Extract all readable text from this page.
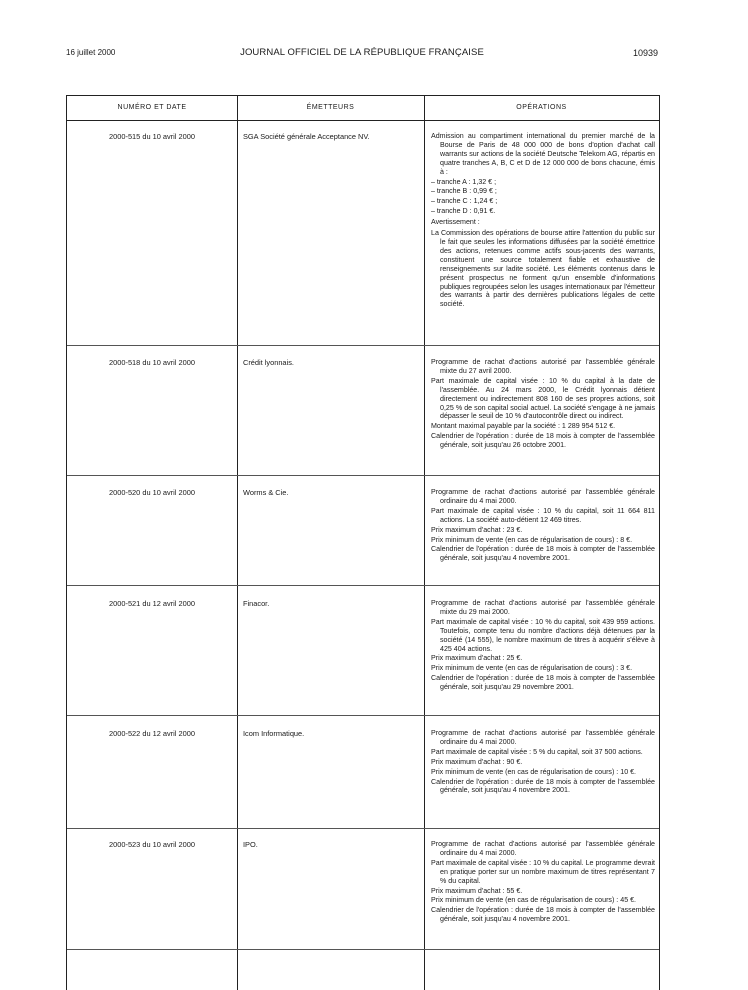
16 juillet 2000	JOURNAL OFFICIEL DE LA RÉPUBLIQUE FRANÇAISE	10939
NUMÉRO ET DATE	ÉMETTEURS	OPÉRATIONS
2000-515 du 10 avril 2000	SGA Société générale Acceptance NV.	Admission au compartiment international du premier marché de la Bourse de Paris de 48 000 000 de bons d'option d'achat call warrants sur actions de la société Deutsche Telekom AG, répartis en quatre tranches A, B, C et D de 12 000 000 de bons chacune, émis à :

– tranche A : 1,32 € ;

– tranche B : 0,99 € ;

– tranche C : 1,24 € ;

– tranche D : 0,91 €.

Avertissement :

La Commission des opérations de bourse attire l'attention du public sur le fait que seules les informations diffusées par la société émettrice des actions, retenues comme actifs sous-jacents des warrants, constituent une source totalement fiable et exhaustive de renseignements sur ladite société. Les éléments contenus dans le présent prospectus ne forment qu'un ensemble d'informations publiques regroupées selon les usages internationaux par l'émetteur des warrants à partir des dernières publications légales de cette société.

2000-518 du 10 avril 2000	Crédit lyonnais.	Programme de rachat d'actions autorisé par l'assemblée générale mixte du 27 avril 2000.

Part maximale de capital visée : 10 % du capital à la date de l'assemblée. Au 24 mars 2000, le Crédit lyonnais détient directement ou indirectement 808 160 de ses propres actions, soit 0,25 % de son capital social actuel. La société s'engage à ne jamais dépasser le seuil de 10 % d'autocontrôle direct ou indirect.

Montant maximal payable par la société : 1 289 954 512 €.

Calendrier de l'opération : durée de 18 mois à compter de l'assemblée générale, soit jusqu'au 26 octobre 2001.

2000-520 du 10 avril 2000	Worms & Cie.	Programme de rachat d'actions autorisé par l'assemblée générale ordinaire du 4 mai 2000.

Part maximale de capital visée : 10 % du capital, soit 11 664 811 actions. La société auto-détient 12 469 titres.

Prix maximum d'achat : 23 €.

Prix minimum de vente (en cas de régularisation de cours) : 8 €.

Calendrier de l'opération : durée de 18 mois à compter de l'assemblée générale, soit jusqu'au 4 novembre 2001.

2000-521 du 12 avril 2000	Finacor.	Programme de rachat d'actions autorisé par l'assemblée générale mixte du 29 mai 2000.

Part maximale de capital visée : 10 % du capital, soit 439 959 actions. Toutefois, compte tenu du nombre d'actions déjà détenues par la société (14 555), le nombre maximum de titres à acquérir s'élève à 425 404 actions.

Prix maximum d'achat : 25 €.

Prix minimum de vente (en cas de régularisation de cours) : 3 €.

Calendrier de l'opération : durée de 18 mois à compter de l'assemblée générale, soit jusqu'au 29 novembre 2001.

2000-522 du 12 avril 2000	Icom Informatique.	Programme de rachat d'actions autorisé par l'assemblée générale ordinaire du 4 mai 2000.

Part maximale de capital visée : 5 % du capital, soit 37 500 actions.

Prix maximum d'achat : 90 €.

Prix minimum de vente (en cas de régularisation de cours) : 10 €.

Calendrier de l'opération : durée de 18 mois à compter de l'assemblée générale, soit jusqu'au 4 novembre 2001.

2000-523 du 10 avril 2000	IPO.	Programme de rachat d'actions autorisé par l'assemblée générale ordinaire du 4 mai 2000.

Part maximale de capital visée : 10 % du capital. Le programme devrait en pratique porter sur un nombre maximum de titres représentant 7 % du capital.

Prix maximum d'achat : 55 €.

Prix minimum de vente (en cas de régularisation de cours) : 45 €.

Calendrier de l'opération : durée de 18 mois à compter de l'assemblée générale, soit jusqu'au 4 novembre 2001.
